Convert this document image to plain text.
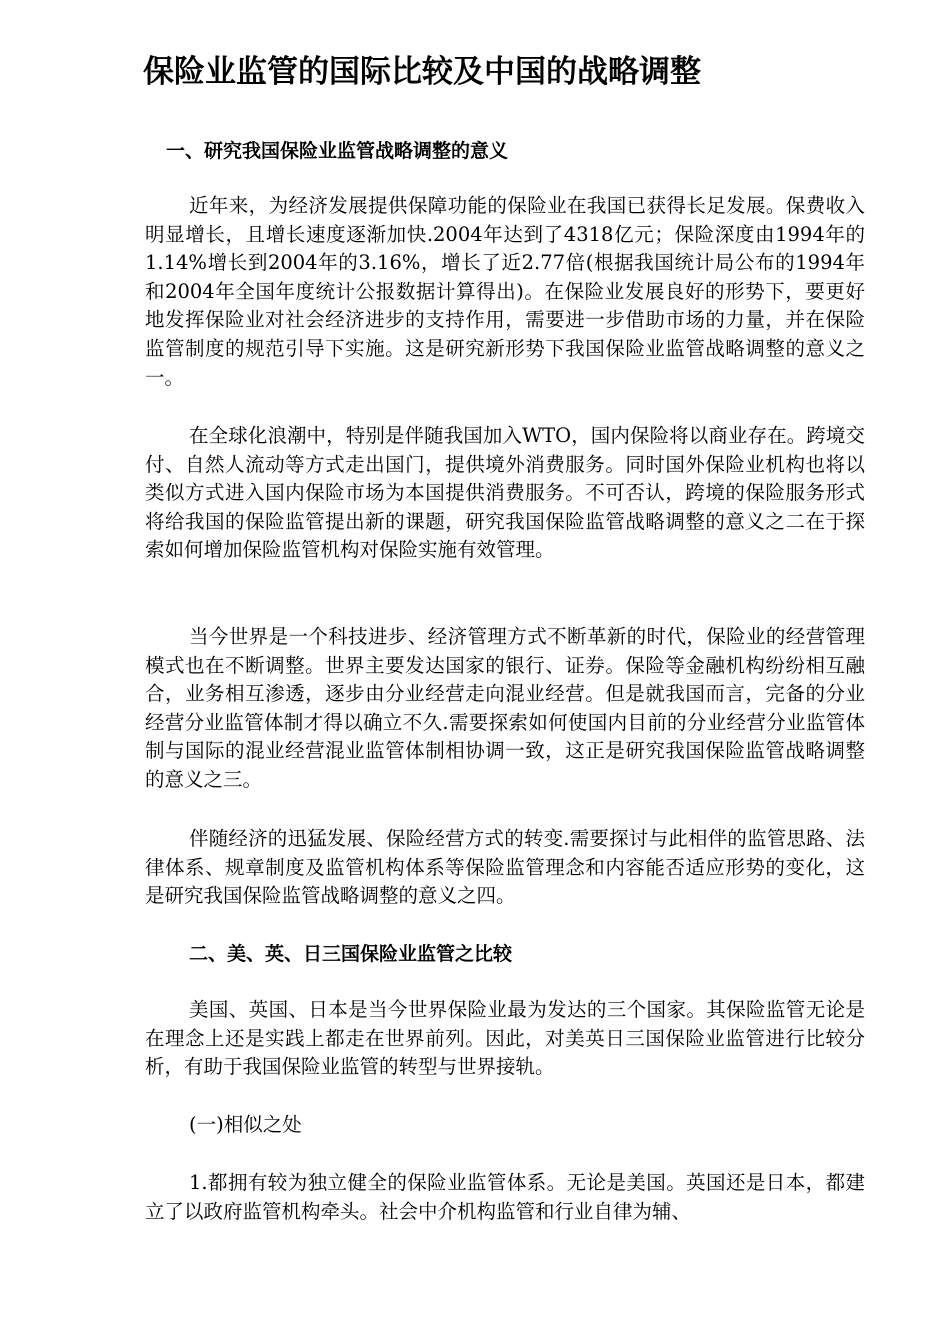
保险业监管的国际比较及中国的战略调整
一、研究我国保险业监管战略调整的意义

近年来，为经济发展提供保障功能的保险业在我国已获得长足发展。保费收入明显增长，且增长速度逐渐加快.2004年达到了4318亿元；保险深度由1994年的1.14%增长到2004年的3.16%，增长了近2.77倍(根据我国统计局公布的1994年和2004年全国年度统计公报数据计算得出)。在保险业发展良好的形势下，要更好地发挥保险业对社会经济进步的支持作用，需要进一步借助市场的力量，并在保险监管制度的规范引导下实施。这是研究新形势下我国保险业监管战略调整的意义之一。

在全球化浪潮中，特别是伴随我国加入WTO，国内保险将以商业存在。跨境交付、自然人流动等方式走出国门，提供境外消费服务。同时国外保险业机构也将以类似方式进入国内保险市场为本国提供消费服务。不可否认，跨境的保险服务形式将给我国的保险监管提出新的课题，研究我国保险监管战略调整的意义之二在于探索如何增加保险监管机构对保险实施有效管理。

当今世界是一个科技进步、经济管理方式不断革新的时代，保险业的经营管理模式也在不断调整。世界主要发达国家的银行、证券。保险等金融机构纷纷相互融合，业务相互渗透，逐步由分业经营走向混业经营。但是就我国而言，完备的分业经营分业监管体制才得以确立不久.需要探索如何使国内目前的分业经营分业监管体制与国际的混业经营混业监管体制相协调一致，这正是研究我国保险监管战略调整的意义之三。

伴随经济的迅猛发展、保险经营方式的转变.需要探讨与此相伴的监管思路、法律体系、规章制度及监管机构体系等保险监管理念和内容能否适应形势的变化，这是研究我国保险监管战略调整的意义之四。

二、美、英、日三国保险业监管之比较

美国、英国、日本是当今世界保险业最为发达的三个国家。其保险监管无论是在理念上还是实践上都走在世界前列。因此，对美英日三国保险业监管进行比较分析，有助于我国保险业监管的转型与世界接轨。

(一)相似之处

1.都拥有较为独立健全的保险业监管体系。无论是美国。英国还是日本，都建立了以政府监管机构牵头。社会中介机构监管和行业自律为辅、
